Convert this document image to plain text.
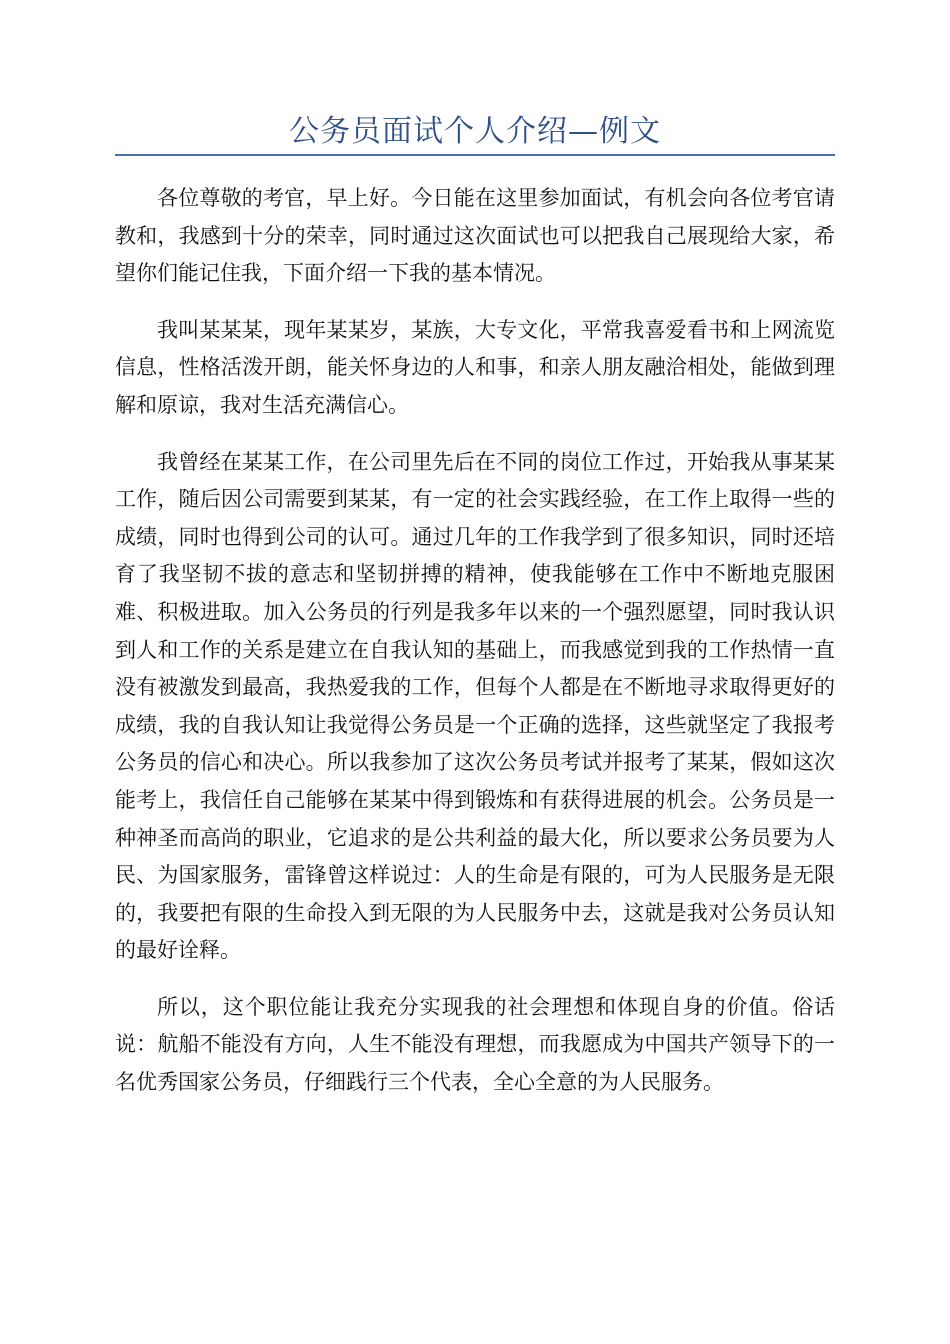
公务员面试个人介绍—例文

各位尊敬的考官，早上好。今日能在这里参加面试，有机会向各位考官请教和，我感到十分的荣幸，同时通过这次面试也可以把我自己展现给大家，希望你们能记住我，下面介绍一下我的基本情况。

我叫某某某，现年某某岁，某族，大专文化，平常我喜爱看书和上网流览信息，性格活泼开朗，能关怀身边的人和事，和亲人朋友融洽相处，能做到理解和原谅，我对生活充满信心。

我曾经在某某工作，在公司里先后在不同的岗位工作过，开始我从事某某工作，随后因公司需要到某某，有一定的社会实践经验，在工作上取得一些的成绩，同时也得到公司的认可。通过几年的工作我学到了很多知识，同时还培育了我坚韧不拔的意志和坚韧拼搏的精神，使我能够在工作中不断地克服困难、积极进取。加入公务员的行列是我多年以来的一个强烈愿望，同时我认识到人和工作的关系是建立在自我认知的基础上，而我感觉到我的工作热情一直没有被激发到最高，我热爱我的工作，但每个人都是在不断地寻求取得更好的成绩，我的自我认知让我觉得公务员是一个正确的选择，这些就坚定了我报考公务员的信心和决心。所以我参加了这次公务员考试并报考了某某，假如这次能考上，我信任自己能够在某某中得到锻炼和有获得进展的机会。公务员是一种神圣而高尚的职业，它追求的是公共利益的最大化，所以要求公务员要为人民、为国家服务，雷锋曾这样说过：人的生命是有限的，可为人民服务是无限的，我要把有限的生命投入到无限的为人民服务中去，这就是我对公务员认知的最好诠释。

所以，这个职位能让我充分实现我的社会理想和体现自身的价值。俗话说：航船不能没有方向，人生不能没有理想，而我愿成为中国共产领导下的一名优秀国家公务员，仔细践行三个代表，全心全意的为人民服务。
